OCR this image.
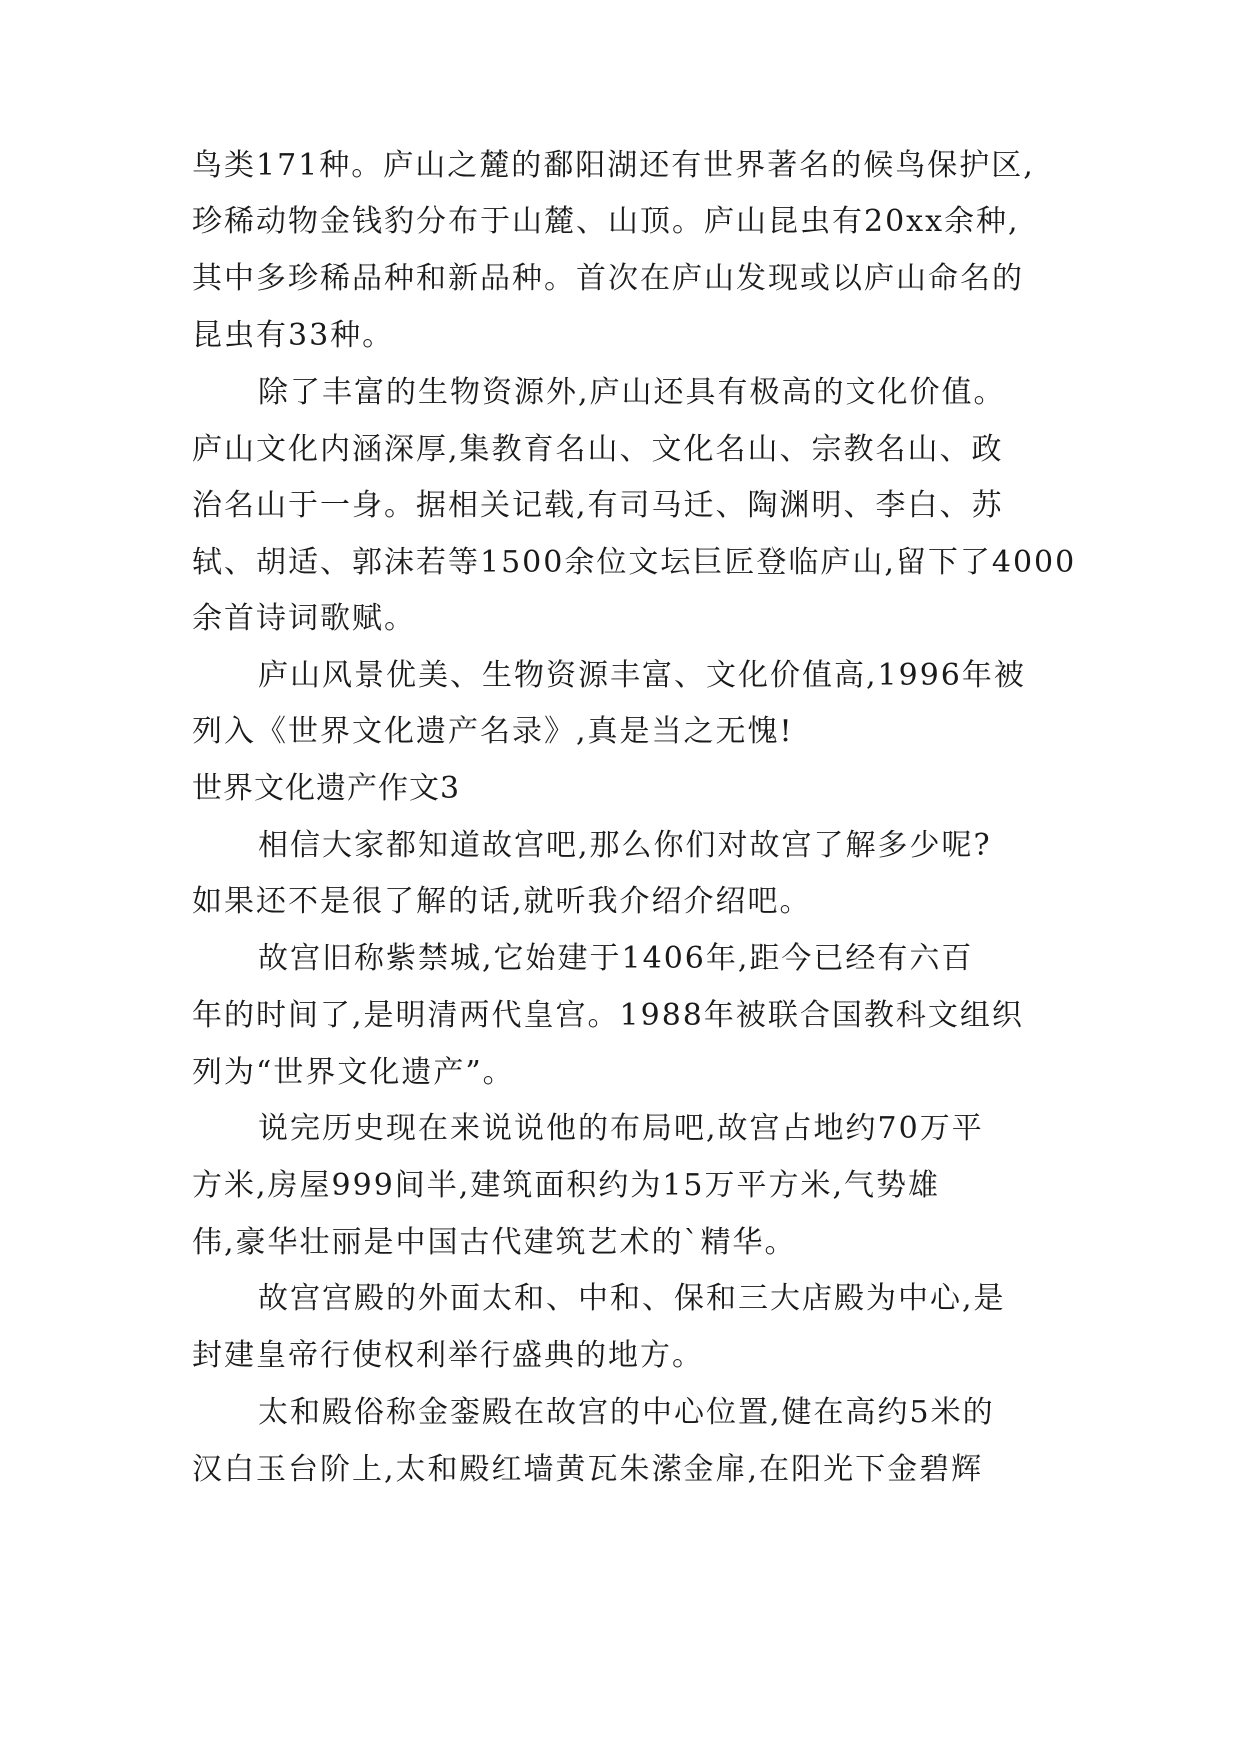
鸟类171种。庐山之麓的鄱阳湖还有世界著名的候鸟保护区,
珍稀动物金钱豹分布于山麓、山顶。庐山昆虫有20xx余种,
其中多珍稀品种和新品种。首次在庐山发现或以庐山命名的
昆虫有33种。
除了丰富的生物资源外,庐山还具有极高的文化价值。
庐山文化内涵深厚,集教育名山、文化名山、宗教名山、政
治名山于一身。据相关记载,有司马迁、陶渊明、李白、苏
轼、胡适、郭沫若等1500余位文坛巨匠登临庐山,留下了4000
余首诗词歌赋。
庐山风景优美、生物资源丰富、文化价值高,1996年被
列入《世界文化遗产名录》,真是当之无愧!
世界文化遗产作文3
相信大家都知道故宫吧,那么你们对故宫了解多少呢?
如果还不是很了解的话,就听我介绍介绍吧。
故宫旧称紫禁城,它始建于1406年,距今已经有六百
年的时间了,是明清两代皇宫。1988年被联合国教科文组织
列为“世界文化遗产”。
说完历史现在来说说他的布局吧,故宫占地约70万平
方米,房屋999间半,建筑面积约为15万平方米,气势雄
伟,豪华壮丽是中国古代建筑艺术的`精华。
故宫宫殿的外面太和、中和、保和三大店殿为中心,是
封建皇帝行使权利举行盛典的地方。
太和殿俗称金銮殿在故宫的中心位置,健在高约5米的
汉白玉台阶上,太和殿红墙黄瓦朱潆金扉,在阳光下金碧辉
